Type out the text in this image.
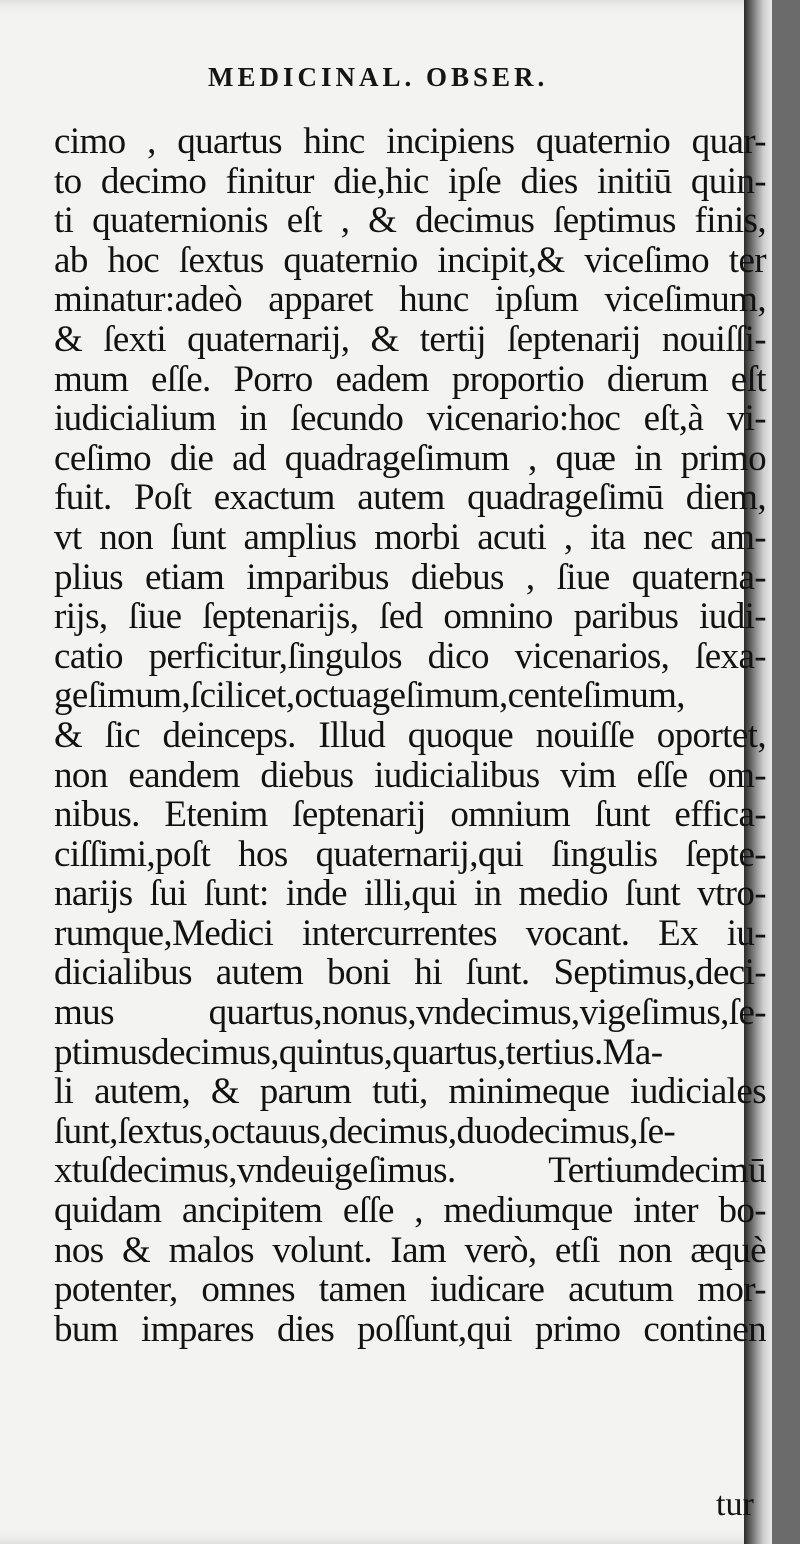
MEDICINAL. OBSER.
cimo , quartus hinc incipiens quaternio quar-
to decimo finitur die,hic ipſe dies initiū quin-
ti quaternionis eſt , & decimus ſeptimus finis,
ab hoc ſextus quaternio incipit,& viceſimo ter
minatur:adeò apparet hunc ipſum viceſimum,
& ſexti quaternarij, & tertij ſeptenarij nouiſſi-
mum eſſe. Porro eadem proportio dierum eſt
iudicialium in ſecundo vicenario:hoc eſt,à vi-
ceſimo die ad quadrageſimum , quæ in primo
fuit. Poſt exactum autem quadrageſimū diem,
vt non ſunt amplius morbi acuti , ita nec am-
plius etiam imparibus diebus , ſiue quaterna-
rijs, ſiue ſeptenarijs, ſed omnino paribus iudi-
catio perficitur,ſingulos dico vicenarios, ſexa-
geſimum,ſcilicet,octuageſimum,centeſimum,
& ſic deinceps. Illud quoque nouiſſe oportet,
non eandem diebus iudicialibus vim eſſe om-
nibus. Etenim ſeptenarij omnium ſunt effica-
ciſſimi,poſt hos quaternarij,qui ſingulis ſepte-
narijs ſui ſunt: inde illi,qui in medio ſunt vtro-
rumque,Medici intercurrentes vocant. Ex iu-
dicialibus autem boni hi ſunt. Septimus,deci-
mus quartus,nonus,vndecimus,vigeſimus,ſe-
ptimusdecimus,quintus,quartus,tertius.Ma-
li autem, & parum tuti, minimeque iudiciales
ſunt,ſextus,octauus,decimus,duodecimus,ſe-
xtuſdecimus,vndeuigeſimus. Tertiumdecimū
quidam ancipitem eſſe , mediumque inter bo-
nos & malos volunt. Iam verò, etſi non æquè
potenter, omnes tamen iudicare acutum mor-
bum impares dies poſſunt,qui primo continen
tur
